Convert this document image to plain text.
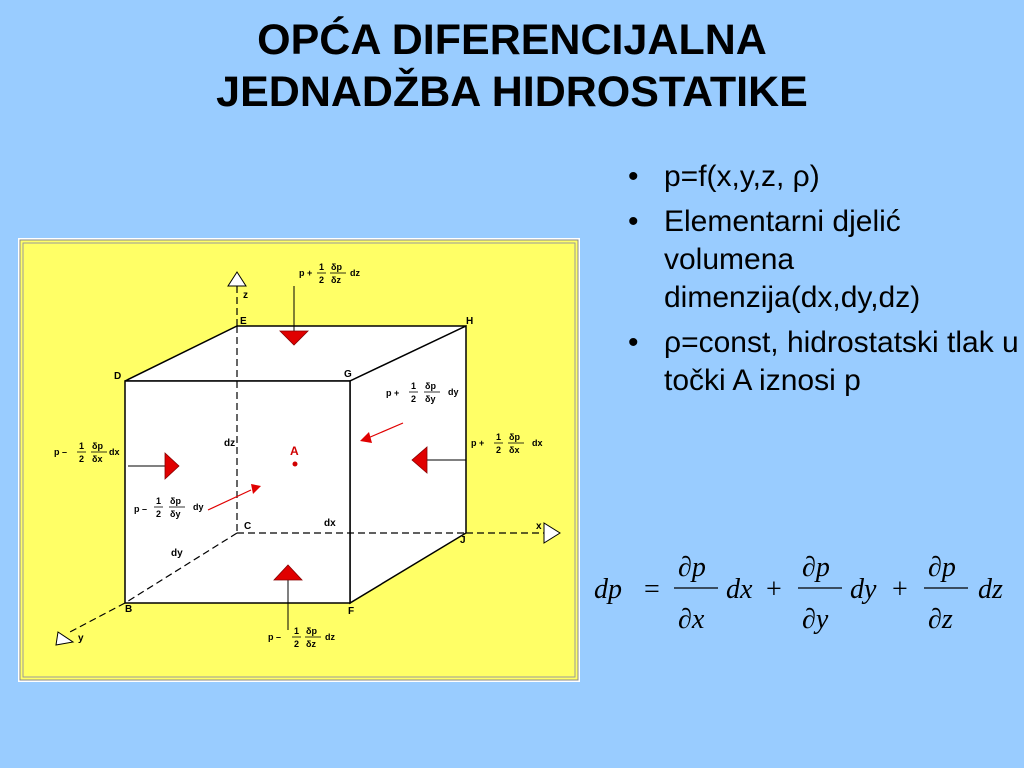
OPĆA DIFERENCIJALNA
JEDNADŽBA HIDROSTATIKE
• p=f(x,y,z, ρ)
• Elementarni djelić volumena dimenzija(dx,dy,dz)
• ρ=const, hidrostatski tlak u točki A iznosi p
z
x
y
D
E	H
G
C
J
B	F
dz
dx
dy
A
p +
1
2
δp
δz
dz
p –
1
2
δp
δz
dz
p –
1
2
δp
δx
dx
p +
1
2
δp
δx
dx
p –
1
2
δp
δy
dy
p +
1
2
δp
δy
dy
dp =
∂p
∂x
dx +
∂p
∂y
dy +
∂p
∂z
dz
